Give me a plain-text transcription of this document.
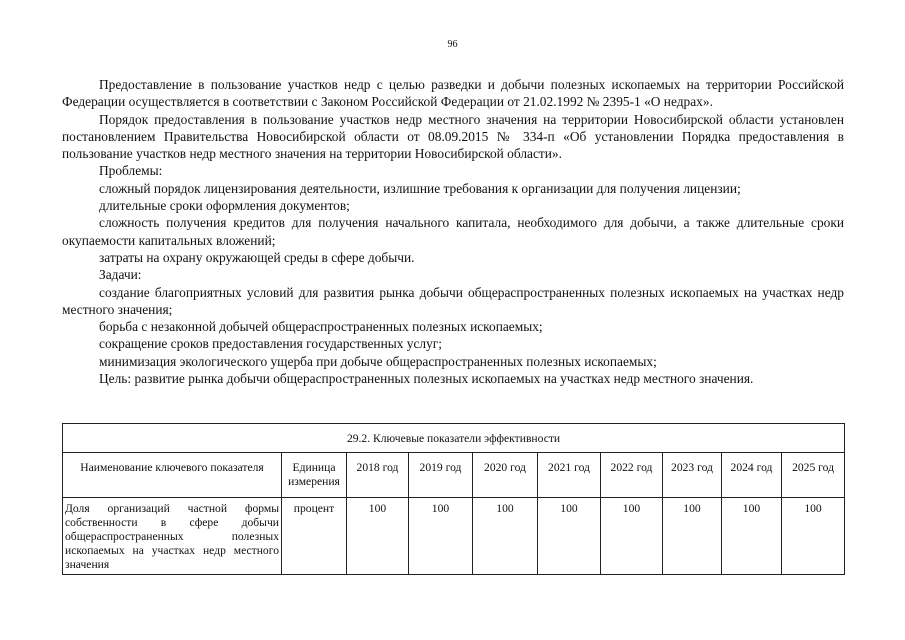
96

Предоставление в пользование участков недр с целью разведки и добычи полезных ископаемых на территории Российской Федерации осуществляется в соответствии с Законом Российской Федерации от 21.02.1992 № 2395-1 «О недрах».

Порядок предоставления в пользование участков недр местного значения на территории Новосибирской области установлен постановлением Правительства Новосибирской области от 08.09.2015 № 334-п «Об установлении Порядка предоставления в пользование участков недр местного значения на территории Новосибирской области».

Проблемы:

сложный порядок лицензирования деятельности, излишние требования к организации для получения лицензии;

длительные сроки оформления документов;

сложность получения кредитов для получения начального капитала, необходимого для добычи, а также длительные сроки окупаемости капитальных вложений;

затраты на охрану окружающей среды в сфере добычи.

Задачи:

создание благоприятных условий для развития рынка добычи общераспространенных полезных ископаемых на участках недр местного значения;

борьба с незаконной добычей общераспространенных полезных ископаемых;

сокращение сроков предоставления государственных услуг;

минимизация экологического ущерба при добыче общераспространенных полезных ископаемых;

Цель: развитие рынка добычи общераспространенных полезных ископаемых на участках недр местного значения.

29.2. Ключевые показатели эффективности									
Наименование ключевого показателя	Единица измерения	2018 год	2019 год	2020 год	2021 год	2022 год	2023 год	2024 год	2025 год
Доля организаций частной формы собственности в сфере добычи общераспространенных полезных ископаемых на участках недр местного значения	процент	100	100	100	100	100	100	100	100
